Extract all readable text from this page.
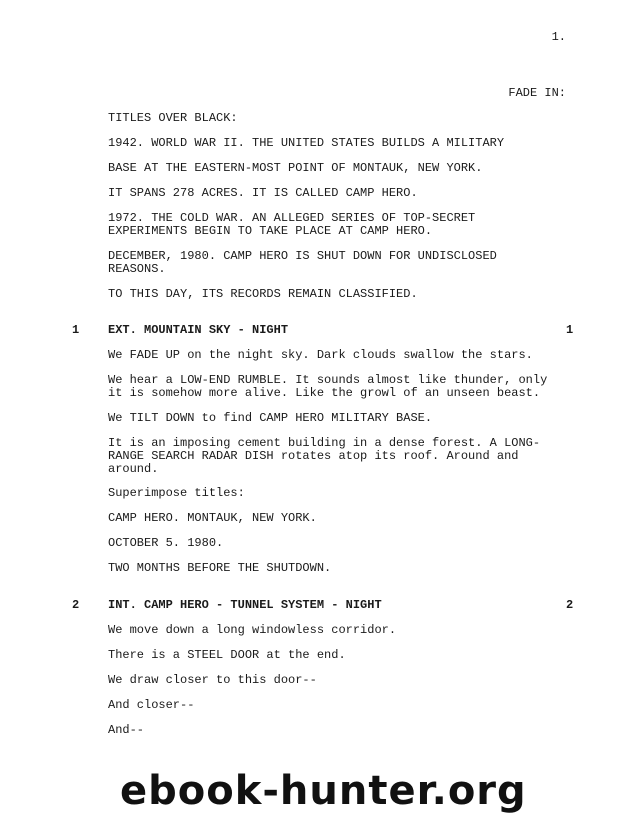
1.
FADE IN:
TITLES OVER BLACK:
1942. WORLD WAR II. THE UNITED STATES BUILDS A MILITARY
BASE AT THE EASTERN-MOST POINT OF MONTAUK, NEW YORK.
IT SPANS 278 ACRES. IT IS CALLED CAMP HERO.
1972. THE COLD WAR. AN ALLEGED SERIES OF TOP-SECRET
EXPERIMENTS BEGIN TO TAKE PLACE AT CAMP HERO.
DECEMBER, 1980. CAMP HERO IS SHUT DOWN FOR UNDISCLOSED
REASONS.
TO THIS DAY, ITS RECORDS REMAIN CLASSIFIED.
1 EXT. MOUNTAIN SKY - NIGHT	1
We FADE UP on the night sky. Dark clouds swallow the stars.
We hear a LOW-END RUMBLE. It sounds almost like thunder, only
it is somehow more alive. Like the growl of an unseen beast.
We TILT DOWN to find CAMP HERO MILITARY BASE.
It is an imposing cement building in a dense forest. A LONG-
RANGE SEARCH RADAR DISH rotates atop its roof. Around and
around.
Superimpose titles:
CAMP HERO. MONTAUK, NEW YORK.
OCTOBER 5. 1980.
TWO MONTHS BEFORE THE SHUTDOWN.
2 INT. CAMP HERO - TUNNEL SYSTEM - NIGHT	2
We move down a long windowless corridor.
There is a STEEL DOOR at the end.
We draw closer to this door--
And closer--
And--
ebook-hunter.org
